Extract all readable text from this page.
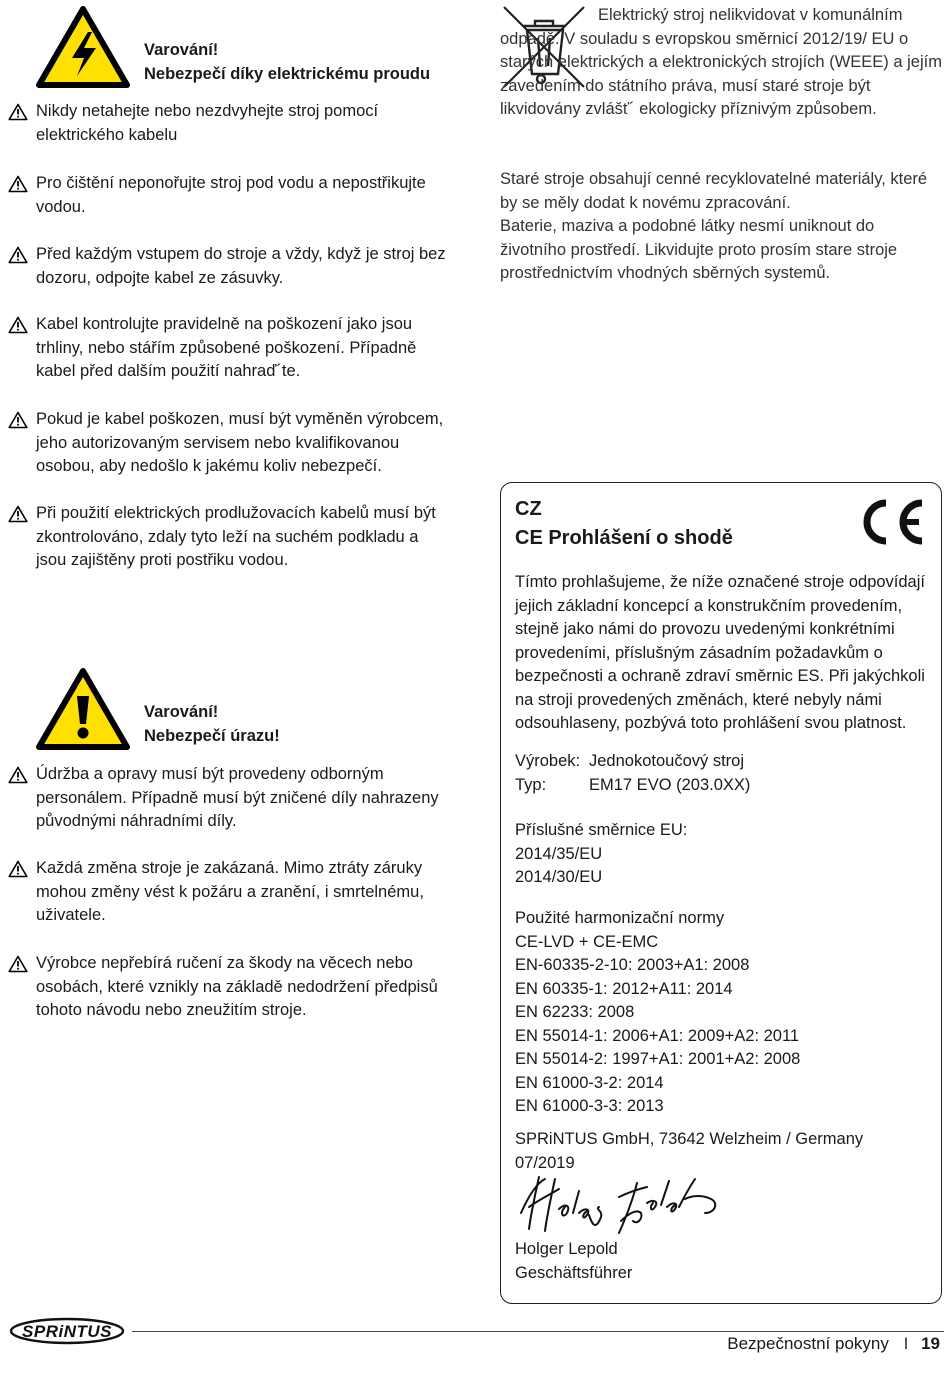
Varování!
Nebezpečí díky elektrickému proudu

Nikdy netahejte nebo nezdvyhejte stroj pomocí elektrického kabelu

Pro čištění neponořujte stroj pod vodu a nepostřikujte vodou.

Před každým vstupem do stroje a vždy, když je stroj bez dozoru, odpojte kabel ze zásuvky.

Kabel kontrolujte pravidelně na poškození jako jsou trhliny, nebo stářím způsobené poškození. Případně kabel před dalším použití nahraď´te.

Pokud je kabel poškozen, musí být vyměněn výrobcem, jeho autorizovaným servisem nebo kvalifikovanou osobou, aby nedošlo k jakému koliv nebezpečí.

Při použití elektrických prodlužovacích kabelů musí být zkontrolováno, zdaly tyto leží na suchém podkladu a jsou zajištěny proti postřiku vodou.

Varování!
Nebezpečí úrazu!

Údržba a opravy musí být provedeny odborným personálem. Případně musí být zničené díly nahrazeny původnými náhradními díly.

Každá změna stroje je zakázaná. Mimo ztráty záruky mohou změny vést k požáru a zranění, i smrtelnému, uživatele.

Výrobce nepřebírá ručení za škody na věcech nebo osobách, které vznikly na základě nedodržení předpisů tohoto návodu nebo zneužitím stroje.

Elektrický stroj nelikvidovat v komunálním odpadě. V souladu s evropskou směrnicí 2012/19/ EU o starých elektrických a elektronických strojích (WEEE) a jejím zavedením do státního práva, musí staré stroje být likvidovány zvlášť´ ekologicky příznivým způsobem.

Staré stroje obsahují cenné recyklovatelné materiály, které by se měly dodat k novému zpracování.

Baterie, maziva a podobné látky nesmí uniknout do životního prostředí. Likvidujte proto prosím stare stroje prostřednictvím vhodných sběrných systemů.

CZ
CE Prohlášení o shodě

Tímto prohlašujeme, že níže označené stroje odpovídají jejich základní koncepcí a konstrukčním provedením, stejně jako námi do provozu uvedenými konkrétními provedeními, příslušným zásadním požadavkům o bezpečnosti a ochraně zdraví směrnic ES. Při jakýchkoli na stroji provedených změnách, které nebyly námi odsouhlaseny, pozbývá toto prohlášení svou platnost.

Výrobek: Jednokotoučový stroj
Typ:	EM17 EVO (203.0XX)
Příslušné směrnice EU:
2014/35/EU
2014/30/EU
Použité harmonizační normy
CE-LVD + CE-EMC
EN-60335-2-10: 2003+A1: 2008
EN 60335-1: 2012+A11: 2014
EN 62233: 2008
EN 55014-1: 2006+A1: 2009+A2: 2011
EN 55014-2: 1997+A1: 2001+A2: 2008
EN 61000-3-2: 2014
EN 61000-3-3: 2013
SPRiNTUS GmbH, 73642 Welzheim / Germany
07/2019
Holger Lepold
Geschäftsführer
SPRiNTUS
Bezpečnostní pokyny I 19
